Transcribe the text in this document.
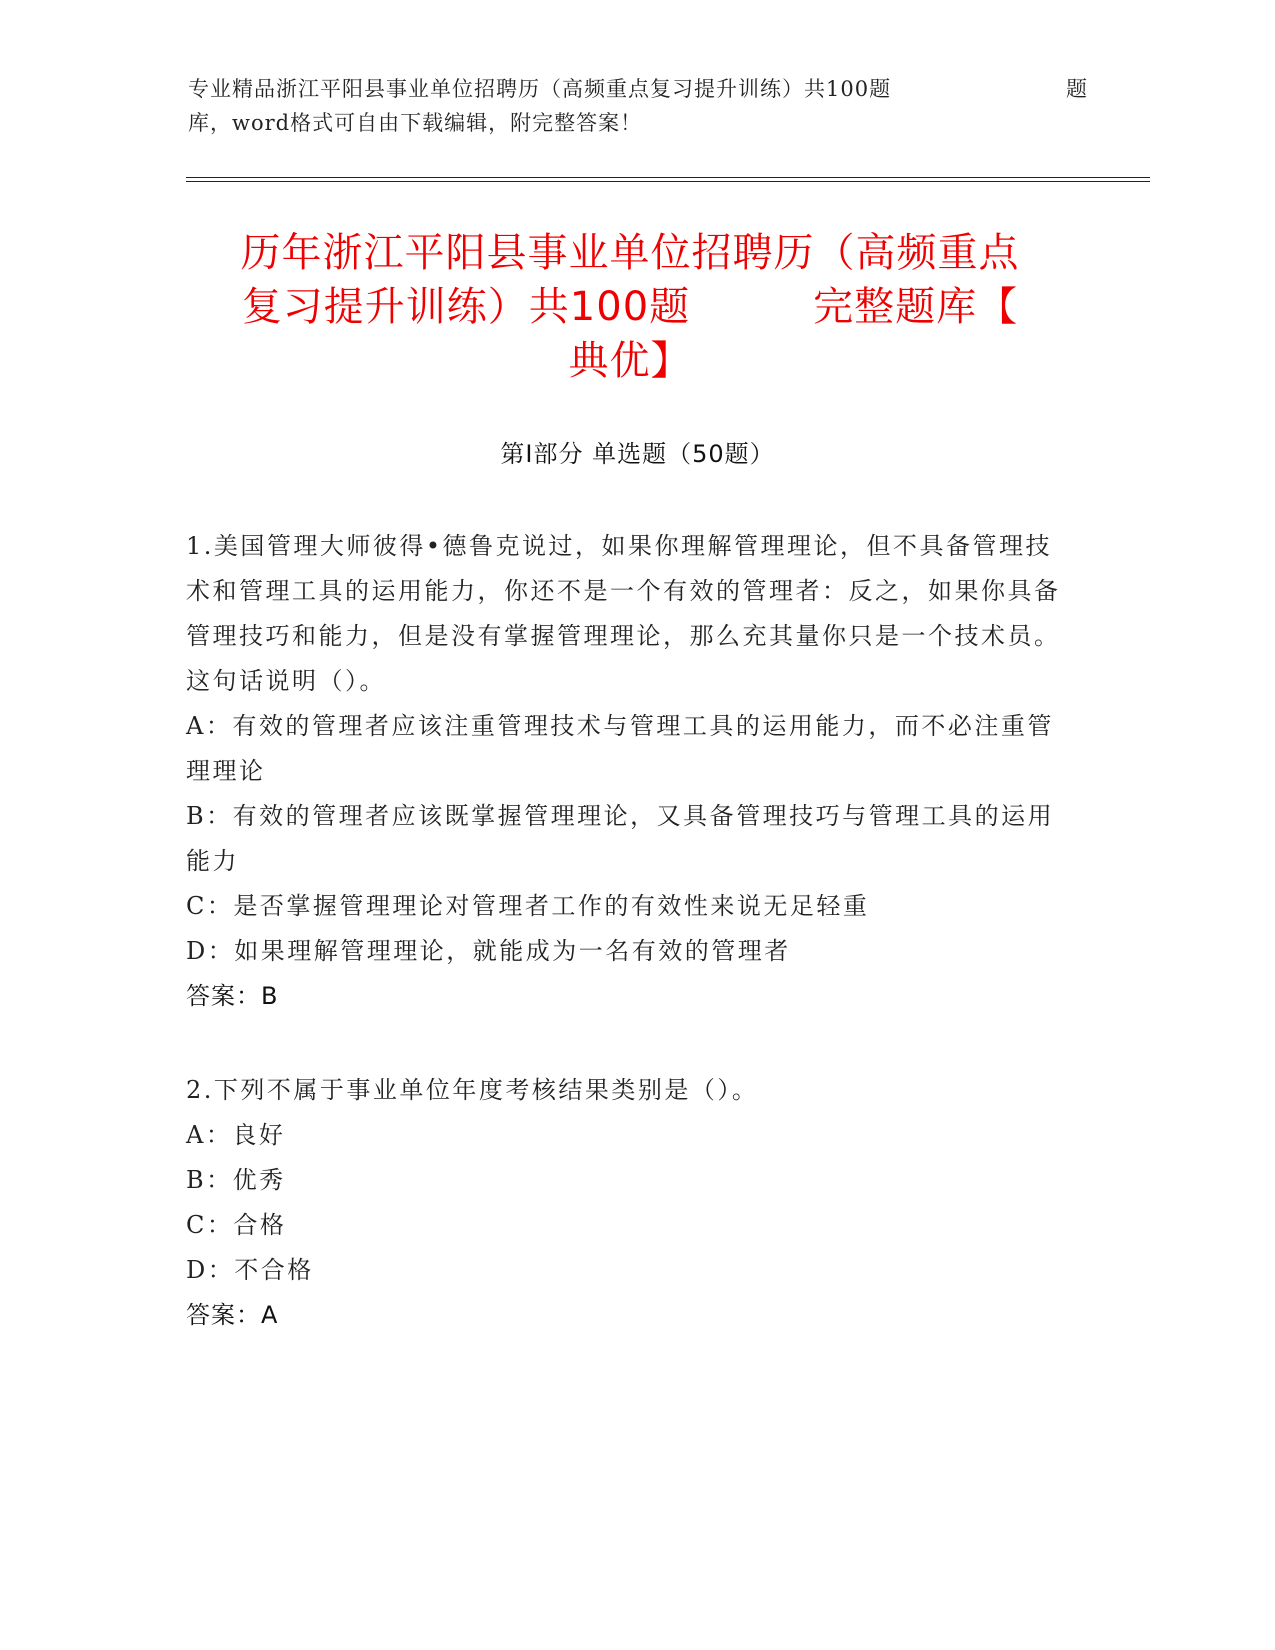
专业精品浙江平阳县事业单位招聘历（高频重点复习提升训练）共100题	题
库，word格式可自由下载编辑，附完整答案！
历年浙江平阳县事业单位招聘历（高频重点
复习提升训练）共100题　　　完整题库【
典优】
第I部分 单选题（50题）

1.美国管理大师彼得•德鲁克说过，如果你理解管理理论，但不具备管理技术和管理工具的运用能力，你还不是一个有效的管理者：反之，如果你具备管理技巧和能力，但是没有掌握管理理论，那么充其量你只是一个技术员。这句话说明（）。

A：有效的管理者应该注重管理技术与管理工具的运用能力，而不必注重管理理论

B：有效的管理者应该既掌握管理理论，又具备管理技巧与管理工具的运用能力

C：是否掌握管理理论对管理者工作的有效性来说无足轻重

D：如果理解管理理论，就能成为一名有效的管理者

答案：B

2.下列不属于事业单位年度考核结果类别是（）。

A：良好

B：优秀

C：合格

D：不合格

答案：A
